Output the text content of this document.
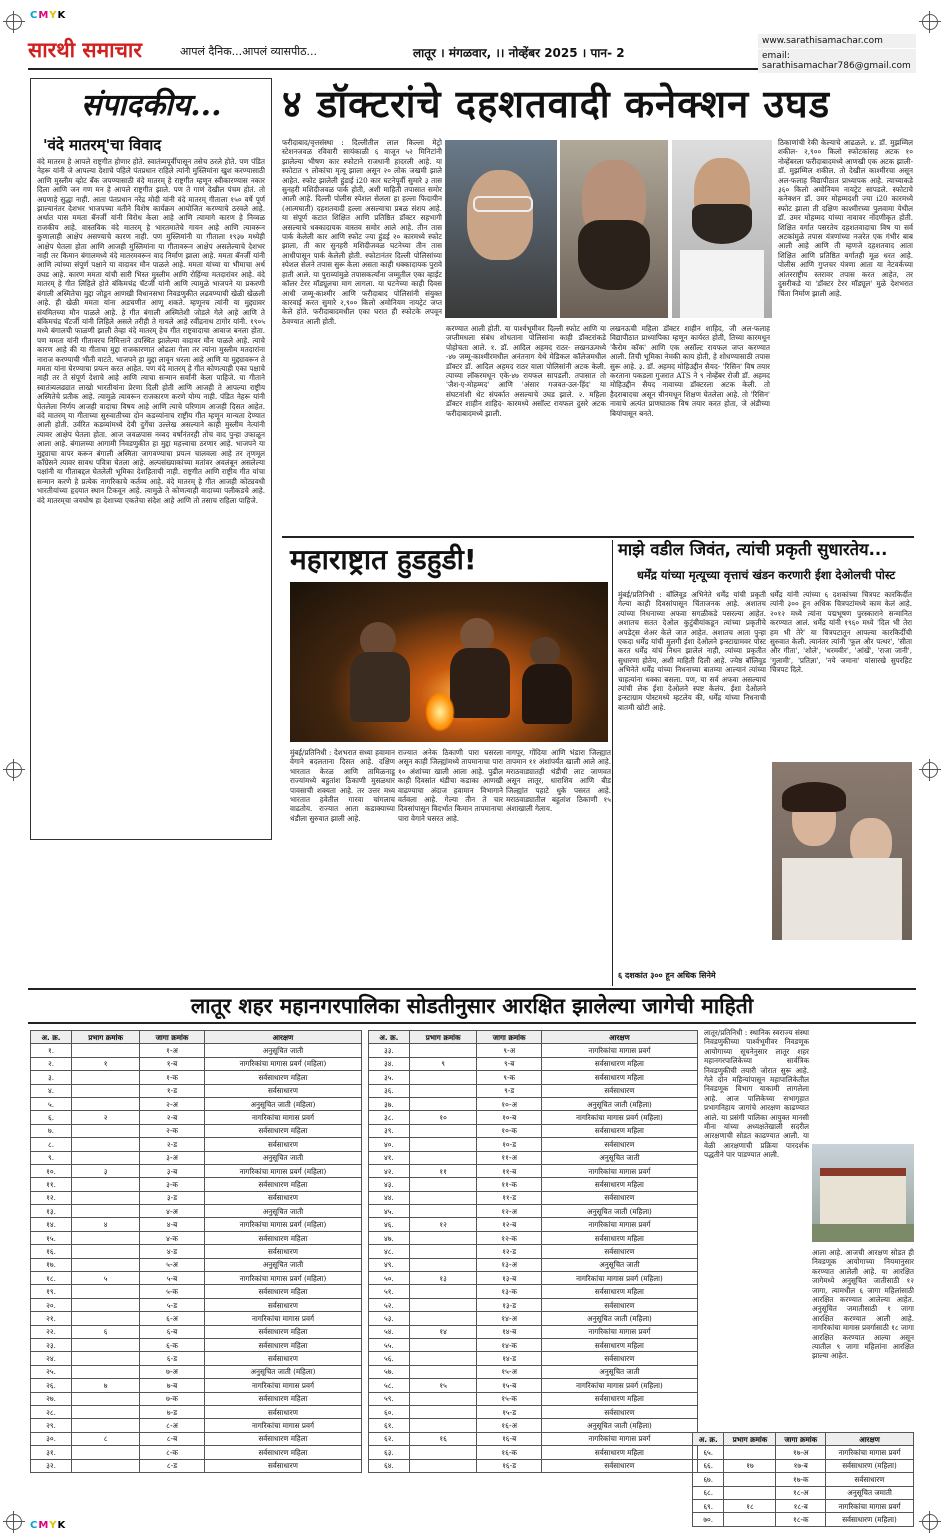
CMYK
CMYK
सारथी समाचार	आपलं दैनिक...आपलं व्यासपीठ...	लातूर । मंगळवार, ।। नोव्हेंबर 2025 । पान- 2
www.sarathisamachar.com
email: sarathisamachar786@gmail.com
संपादकीय...
'वंदे मातरम्'चा विवाद
वंदे मातरम हे आपले राष्ट्रगीत होणार होते. स्वातंत्र्यपूर्वीपासून तसेच ठरले होते. पण पंडित नेहरू यांनी जे आपल्या देशाचे पहिले पंतप्रधान राहिले त्यांनी मुस्लिमांना खुश करण्यासाठी आणि मुस्लीम व्होट बँक जपण्यासाठी वंदे मातरम् हे राष्ट्रगीत म्हणून स्वीकारण्यास नकार दिला आणि जन गण मन हे आपले राष्ट्रगीत झाले. पण ते गाणं देखील पंचम होतं. तो अग्रणाहे सुद्धा नाही. आता पंतप्रधान नरेंद्र मोदी यांनी वंदे मातरम् गीताला १५० वर्षे पूर्ण झाल्यानंतर देशभर भाजपच्या वतीने विशेष कार्यक्रम आयोजित करण्याचे ठरवले आहे. अर्थात यास ममता बॅनर्जी यांनी विरोध केला आहे आणि त्यामागे कारण हे निव्वळ राजकीय आहे. वास्तविक वंदे मातरम् हे भारतमातेचे गायन आहे आणि त्यावरून कुणालाही आक्षेप असण्याचे कारण नाही. पण मुस्लिमांनी या गीताला १९३७ मध्येही आक्षेप घेतला होता आणि आजही मुस्लिमांना या गीतावरून आक्षेप असलेल्याचे देशभर नाही तर किमान बंगालमध्ये वंदे मातरमवरून वाद निर्माण झाला आहे. ममता बॅनर्जी यांनी आणि त्यांच्या संपूर्ण पक्षाने या वादावर मौन पाळले आहे. ममता यांच्या या भीमाचा अर्थ उघड आहे. कारण ममता यांची सारी भिस्त मुस्लीम आणि रोहिंग्या मतदारांवर आहे. वंदे मातरम् हे गीत लिहिले होते बंकिमचंद्र चॅटर्जी यांनी आणि त्यामुळे भाजपने या प्रकरणी बंगाली अस्मितेचा मुद्दा जोडून आणखी विधानसभा निवडणुकीत लढवण्याची खेळी खेळली आहे. ही खेळी ममता यांना अडचणीत आणू शकते. म्हणूनच त्यांनी या मुद्द्यावर संयमितच्या मौन पाळले आहे. हे गीत बंगाली अस्मितेशी जोडले गेले आहे आणि ते बंकिमचंद्र चॅटर्जी यांनी लिहिले असले तरीही ते गायले आहे रवींद्रनाथ टागोर यांनी. १९०५ मध्ये बंगालची फाळणी झाली तेव्हा वंदे मातरम् हेच गीत राष्ट्रवादाचा आवाज बनला होता. पण ममता यांनी गीतावरच निमित्ताने उपस्थित झालेल्या वादावर मौन पाळले आहे. त्याचे कारण आहे की या गीताचा मुद्दा राजकारणात ओढला गेला तर त्यांना मुस्लीम मतदारांना नाराज करण्याची भीती वाटते. भाजपने हा मुद्दा लावून धरला आहे आणि या मुद्द्यावरून ते ममता यांना घेरण्याचा प्रयत्न करत आहेत. पण वंदे मातरम् हे गीत कोणत्याही एका पक्षाचे नाही तर ते संपूर्ण देशाचे आहे आणि त्याचा सन्मान सर्वांनी केला पाहिजे. या गीताने स्वातंत्र्यलढ्यात लाखो भारतीयांना प्रेरणा दिली होती आणि आजही ते आपल्या राष्ट्रीय अस्मितेचे प्रतीक आहे. त्यामुळे त्यावरून राजकारण करणे योग्य नाही. पंडित नेहरू यांनी घेतलेला निर्णय आजही वादाचा विषय आहे आणि त्याचे परिणाम आजही दिसत आहेत. वंदे मातरम् या गीताच्या सुरुवातीच्या दोन कडव्यांनाच राष्ट्रीय गीत म्हणून मान्यता देण्यात आली होती. उर्वरित कडव्यांमध्ये देवी दुर्गेचा उल्लेख असल्याने काही मुस्लीम नेत्यांनी त्यावर आक्षेप घेतला होता. आज जवळपास नव्वद वर्षांनंतरही तोच वाद पुन्हा उफाळून आला आहे. बंगालच्या आगामी निवडणुकीत हा मुद्दा महत्त्वाचा ठरणार आहे. भाजपने या मुद्द्याचा वापर करून बंगाली अस्मिता जागवण्याचा प्रयत्न चालवला आहे तर तृणमूल काँग्रेसने त्यावर सावध पवित्रा घेतला आहे. अल्पसंख्याकांच्या मतांवर अवलंबून असलेल्या पक्षांनी या गीताबद्दल घेतलेली भूमिका देशहिताची नाही. राष्ट्रगीत आणि राष्ट्रीय गीत यांचा सन्मान करणे हे प्रत्येक नागरिकाचे कर्तव्य आहे. वंदे मातरम् हे गीत आजही कोट्यवधी भारतीयांच्या हृदयात स्थान टिकवून आहे. त्यामुळे ते कोणत्याही वादाच्या पलीकडचे आहे. वंदे मातरम्‌चा जयघोष हा देशाच्या एकतेचा संदेश आहे आणि तो तसाच राहिला पाहिजे.
४ डॉक्टरांचे दहशतवादी कनेक्शन उघड
फरीदाबाद/वृत्तसंस्था : दिल्लीतील लाल किल्ला मेट्रो स्टेशनजवळ रविवारी सायंकाळी ६ वाजून ५२ मिनिटांनी झालेल्या भीषण कार स्फोटाने राजधानी हादरली आहे. या स्फोटात ९ लोकांचा मृत्यू झाला असून २० लोक जखमी झाले आहेत. स्फोट झालेली हुंडाई i20 कार घटनेपूर्वी सुमारे ३ तास सुनहरी मशिदीजवळ पार्क होती, अशी माहिती तपासात समोर आली आहे. दिल्ली पोलीस स्पेशल सेलला हा हल्ला फिदायीन (आत्मघाती) दहशतवादी हल्ला असल्याचा प्रबळ संशय आहे. या संपूर्ण कटात शिक्षित आणि प्रतिष्ठित डॉक्टर सहभागी असल्याचे धक्कादायक वास्तव समोर आले आहे. तीन तास पार्क केलेली कार आणि स्फोट ज्या हुंडई २० कारमध्ये स्फोट झाला, ती कार सुनहरी मशिदीजवळ घटनेच्या तीन तास आधीपासून पार्क केलेली होती. स्फोटानंतर दिल्ली पोलिसांच्या स्पेशल सेलने तपास सुरू केला असता काही धक्कादायक पुरावे हाती आले. या पुराव्यांमुळे तपासकर्त्यांना जम्मूतील एका व्हाईट कॉलर टेरर मॉड्यूलचा माग लागला. या घटनेच्या काही दिवस आधी जम्मू-काश्मीर आणि फरीदाबाद पोलिसांनी संयुक्त कारवाई करत सुमारे २,९०० किलो अमोनियम नायट्रेट जप्त केले होते. फरीदाबादमधील एका घरात ही स्फोटके लपवून ठेवण्यात आली होती.
करण्यात आली होती. या पार्श्वभूमीवर दिल्ली स्फोट आणि या जप्तीमधला संबंध शोधताना पोलिसांना काही डॉक्टरांकडे पोहोचता आले. १. डॉ. आदिल अहमद राठर- लखनऊमध्ये -४७ जम्मू-काश्मीरमधील अनंतनाग येथे मेडिकल कॉलेजमधील डॉक्टर डॉ. आदिल अहमद राठर याला पोलिसांनी अटक केली. त्याच्या लॉकरमधून एके-४७ रायफल सापडली. तपासात तो 'जैश-ए-मोहम्मद' आणि 'अंसार गजवत-उल-हिंद' या संघटनांशी थेट संपर्कात असल्याचे उघड झाले. २. महिला डॉक्टर शाहीन शाहिद- कारमध्ये असॉल्ट रायफल दुसरे अटक फरीदाबादमध्ये झाली.
लखनऊची महिला डॉक्टर शाहीन शाहिद, जी अल-फलाह विद्यापीठात प्राध्यापिका म्हणून कार्यरत होती, तिच्या कारमधून 'कैरोम कॉक' आणि एक असॉल्ट रायफल जप्त करण्यात आली. तिची भूमिका नेमकी काय होती, हे शोधण्यासाठी तपास सुरू आहे. ३. डॉ. अहमद मोहिउद्दीन सैयद- 'रिसिन' विष तयार करताना पकडला गुजरात ATS ने ९ नोव्हेंबर रोजी डॉ. अहमद मोहिउद्दीन सैयद नावाच्या डॉक्टरला अटक केली. तो हैदराबादचा असून चीनमधून शिक्षण घेतलेला आहे. तो 'रिसिन' नावाचे अत्यंत प्राणघातक विष तयार करत होता, जे अंडीच्या बियांपासून बनते.
ठिकाणांची रेकी केल्याचे आढळले. ४. डॉ. मुझम्मिल शकील- २,९०० किलो स्फोटकांसह अटक १० नोव्हेंबरला फरीदाबादमध्ये आणखी एक अटक झाली- डॉ. मुझम्मिल शकील. तो देखील काश्मीरचा असून अल-फलाह विद्यापीठात प्राध्यापक आहे. त्याच्याकडे ३६० किलो अमोनियम नायट्रेट सापडले. स्फोटाचे कनेक्शन डॉ. उमर मोहम्मदशी ज्या i20 कारमध्ये स्फोट झाला ती दक्षिण काश्मीरच्या पुलवामा येथील डॉ. उमर मोहम्मद यांच्या नावावर नोंदणीकृत होती. शिक्षित वर्गात पसरतेय दहशतवादाचा विष या सर्व अटकांमुळे तपास यंत्रणांच्या नजरेत एक गंभीर बाब आली आहे आणि ती म्हणजे दहशतवाद आता शिक्षित आणि प्रतिष्ठित वर्गातही मूळ धरत आहे. पोलीस आणि गुप्तचर यंत्रणा आता या नेटवर्कच्या आंतरराष्ट्रीय स्तरावर तपास करत आहेत, तर दुसरीकडे या 'डॉक्टर टेरर मॉड्यूल' मुळे देशभरात चिंता निर्माण झाली आहे.
महाराष्ट्रात हुडहुडी!
मुंबई/प्रतिनिधी : देशभरात सध्या हवामान वेगाने बदलताना दिसत आहे. दक्षिण भारतात केरळ आणि तामिळनाडू राज्यांमध्ये बहुतांश ठिकाणी मुसळधार पावसाची शक्यता आहे. तर उत्तर मध्य भारतात हवेतील गारवा चांगलाच वाढतोय. राज्यात आता कडाक्याच्या थंडीला सुरुवात झाली आहे.
राज्यात अनेक ठिकाणी पारा घसरला असून काही जिल्ह्यांमध्ये तापमानाचा पारा १० अंशांच्या खाली आला आहे. पुढील काही दिवसांत थंडीचा कडाका आणखी वाढण्याचा अंदाज हवामान विभागाने वर्तवला आहे. गेल्या तीन ते चार दिवसांपासून विदर्भात किमान तापमानाचा पारा वेगाने घसरत आहे.
नागपूर, गोंदिया आणि भंडारा जिल्ह्यात तापमान ११ अंशांपर्यंत खाली आले आहे. मराठवाड्यातही थंडीची लाट जाणवत असून लातूर, धाराशिव आणि बीड जिल्ह्यांत पहाटे धुके पसरत आहे. मराठवाड्यातील बहुतांश ठिकाणी १५ अंशाखाली गेलाय.
माझे वडील जिवंत, त्यांची प्रकृती सुधारतेय...
धर्मेंद्र यांच्या मृत्यूच्या वृत्ताचं खंडन करणारी ईशा देओलची पोस्ट
मुंबई/प्रतिनिधी : बॉलिवूड अभिनेते धर्मेंद्र यांची प्रकृती गेल्या काही दिवसांपासून चिंताजनक आहे. अशातच त्यांच्या निधनाच्या अफवा सगळीकडे पसरल्या आहेत. अशातच सतत देओल कुटुंबीयांकडून त्यांच्या प्रकृतीचे अपडेट्स शेअर केले जात आहेत. अशातच आता पुन्हा एकदा धर्मेंद्र यांची मुलगी ईशा देओलने इन्स्टाग्रामवर पोस्ट करत धर्मेंद्र यांचं निधन झालेलं नाही, त्यांच्या प्रकृतीत सुधारणा होतेय, अशी माहिती दिली आहे. ज्येष्ठ बॉलिवूड अभिनेते धर्मेंद्र यांच्या निधनाच्या बातम्या आल्यानं त्यांच्या चाहत्यांना धक्का बसला. पण, या सर्व अफवा असल्याचं त्यांची लेक ईशा देओलने स्पष्ट केलंय. ईशा देओलने इन्स्टाग्राम पोस्टमध्ये म्हटलेय की, धर्मेंद्र यांच्या निधनाची बातमी खोटी आहे.
धर्मेंद्र यांनी त्यांच्या ६ दशकांच्या चित्रपट कारकिर्दीत त्यांनी ३०० हून अधिक चित्रपटांमध्ये काम केलं आहे. २०१२ मध्ये त्यांना पद्मभूषण पुरस्काराने सन्मानित करण्यात आलं. धर्मेंद्र यांनी १९६० मध्ये 'दिल भी तेरा हम भी तेरे' या चित्रपटातून आपल्या कारकिर्दीची सुरुवात केली. त्यानंतर त्यांनी 'फूल और पत्थर', 'सीता और गीता', 'शोले', 'धरमवीर', 'आंखें', 'राजा जानी', 'गुलामी', 'प्रतिज्ञा', 'नये जमाना' यांसारखे सुपरहिट चित्रपट दिले.
६ दशकांत ३०० हून अधिक सिनेमे
लातूर शहर महानगरपालिका सोडतीनुसार आरक्षित झालेल्या जागेची माहिती
अ. क्र.	प्रभाग क्रमांक	जागा क्रमांक	आरक्षण
१.		१-अ	अनुसूचित जाती
२.	१	१-ब	नागरिकांचा मागास प्रवर्ग (महिला)
३.		१-क	सर्वसाधारण महिला
४.		१-ड	सर्वसाधारण
५.		२-अ	अनुसूचित जाती (महिला)
६.	२	२-ब	नागरिकांचा मागास प्रवर्ग
७.		२-क	सर्वसाधारण महिला
८.		२-ड	सर्वसाधारण
९.		३-अ	अनुसूचित जाती
१०.	३	३-ब	नागरिकांचा मागास प्रवर्ग (महिला)
११.		३-क	सर्वसाधारण महिला
१२.		३-ड	सर्वसाधारण
१३.		४-अ	अनुसूचित जाती
१४.	४	४-ब	नागरिकांचा मागास प्रवर्ग (महिला)
१५.		४-क	सर्वसाधारण महिला
१६.		४-ड	सर्वसाधारण
१७.		५-अ	अनुसूचित जाती
१८.	५	५-ब	नागरिकांचा मागास प्रवर्ग (महिला)
१९.		५-क	सर्वसाधारण महिला
२०.		५-ड	सर्वसाधारण
२१.		६-अ	नागरिकांचा मागास प्रवर्ग
२२.	६	६-ब	सर्वसाधारण महिला
२३.		६-क	सर्वसाधारण महिला
२४.		६-ड	सर्वसाधारण
२५.		७-अ	अनुसूचित जाती (महिला)
२६.	७	७-ब	नागरिकांचा मागास प्रवर्ग
२७.		७-क	सर्वसाधारण महिला
२८.		७-ड	सर्वसाधारण
२९.		८-अ	नागरिकांचा मागास प्रवर्ग
३०.	८	८-ब	सर्वसाधारण महिला
३१.		८-क	सर्वसाधारण महिला
३२.		८-ड	सर्वसाधारण
अ. क्र.	प्रभाग क्रमांक	जागा क्रमांक	आरक्षण
३३.		९-अ	नागरिकांचा मागास प्रवर्ग
३४.	९	९-ब	सर्वसाधारण महिला
३५.		९-क	सर्वसाधारण महिला
३६.		९-ड	सर्वसाधारण
३७.		१०-अ	अनुसूचित जाती (महिला)
३८.	१०	१०-ब	नागरिकांचा मागास प्रवर्ग (महिला)
३९.		१०-क	सर्वसाधारण महिला
४०.		१०-ड	सर्वसाधारण
४१.		११-अ	अनुसूचित जाती
४२.	११	११-ब	नागरिकांचा मागास प्रवर्ग
४३.		११-क	सर्वसाधारण महिला
४४.		११-ड	सर्वसाधारण
४५.		१२-अ	अनुसूचित जाती (महिला)
४६.	१२	१२-ब	नागरिकांचा मागास प्रवर्ग
४७.		१२-क	सर्वसाधारण महिला
४८.		१२-ड	सर्वसाधारण
४९.		१३-अ	अनुसूचित जाती
५०.	१३	१३-ब	नागरिकांचा मागास प्रवर्ग (महिला)
५१.		१३-क	सर्वसाधारण महिला
५२.		१३-ड	सर्वसाधारण
५३.		१४-अ	अनुसूचित जाती (महिला)
५४.	१४	१४-ब	नागरिकांचा मागास प्रवर्ग
५५.		१४-क	सर्वसाधारण महिला
५६.		१४-ड	सर्वसाधारण
५७.		१५-अ	अनुसूचित जाती
५८.	१५	१५-ब	नागरिकांचा मागास प्रवर्ग (महिला)
५९.		१५-क	सर्वसाधारण महिला
६०.		१५-ड	सर्वसाधारण
६१.		१६-अ	अनुसूचित जाती (महिला)
६२.	१६	१६-ब	नागरिकांचा मागास प्रवर्ग
६३.		१६-क	सर्वसाधारण महिला
६४.		१६-ड	सर्वसाधारण
लातूर/प्रतिनिधी : स्थानिक स्वराज्य संस्था निवडणुकीच्या पार्श्वभूमीवर निवडणूक आयोगाच्या सूचनेनुसार लातूर शहर महानगरपालिकेच्या सार्वत्रिक निवडणुकीची तयारी जोरात सुरू आहे. गेले दोन महिन्यांपासून महापालिकेतील निवडणूक विभाग याकामी लागलेला आहे. आज पालिकेच्या सभागृहात प्रभागनिहाय जागांचे आरक्षण काढण्यात आले. या प्रसंगी पालिका आयुक्त मानसी मीना यांच्या अध्यक्षतेखाली सदरील आरक्षणाची सोडत काढण्यात आली. या वेळी आरक्षणाची प्रक्रिया पारदर्शक पद्धतीने पार पाडण्यात आली.
आला आहे. आजची आरक्षण सोडत ही निवडणूक आयोगाच्या नियमानुसार करण्यात आलेली आहे. या आरक्षित जागेमध्ये अनुसूचित जातीसाठी १२ जागा, त्यामधील ६ जागा महिलांसाठी आरक्षित करण्यात आलेल्या आहेत. अनुसूचित जमातीसाठी १ जागा आरक्षित करण्यात आली आहे. नागरिकांचा मागास प्रवर्गासाठी १८ जागा आरक्षित करण्यात आल्या असून त्यातील ९ जागा महिलांना आरक्षित झाल्या आहेत.
अ. क्र.	प्रभाग क्रमांक	जागा क्रमांक	आरक्षण
६५.		१७-अ	नागरिकांचा मागास प्रवर्ग
६६.	१७	१७-ब	सर्वसाधारण (महिला)
६७.		१७-क	सर्वसाधारण
६८.		१८-अ	अनुसूचित जमाती
६९.	१८	१८-ब	नागरिकांचा मागास प्रवर्ग
७०.		१८-क	सर्वसाधारण (महिला)
